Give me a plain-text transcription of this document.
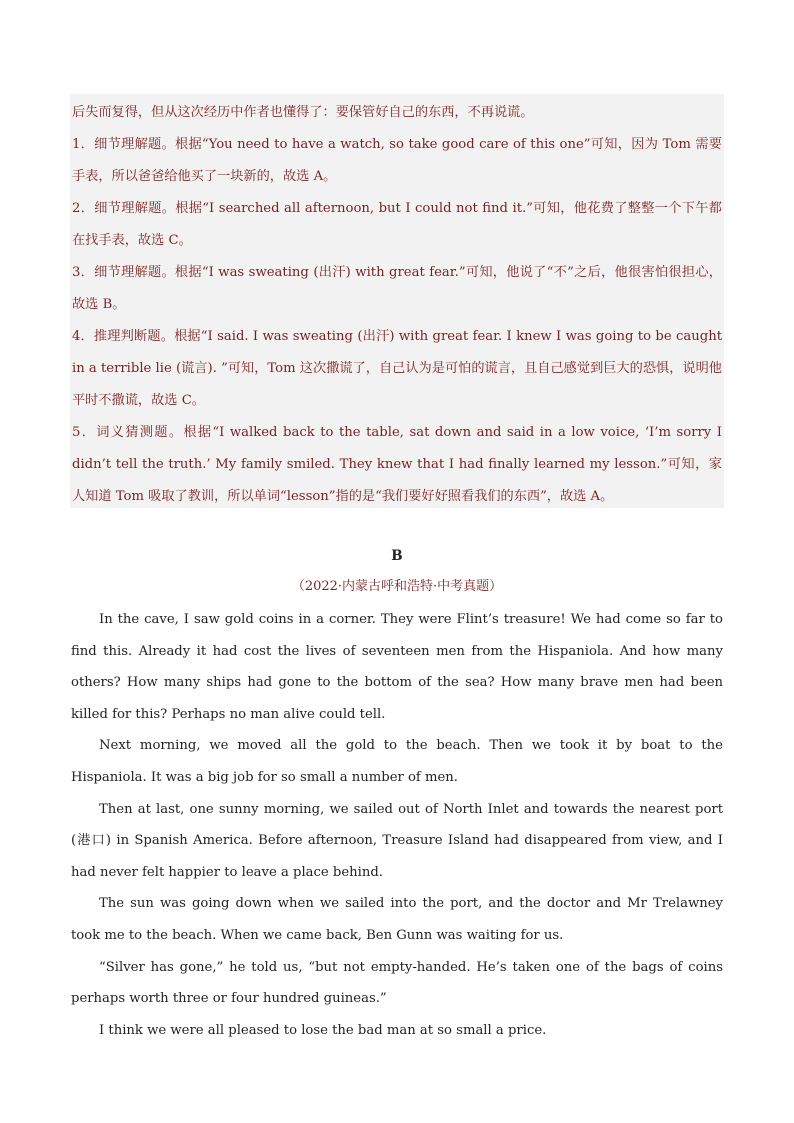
后失而复得，但从这次经历中作者也懂得了：要保管好自己的东西，不再说谎。

1．细节理解题。根据“You need to have a watch, so take good care of this one”可知，因为 Tom 需要手表，所以爸爸给他买了一块新的，故选 A。

2．细节理解题。根据“I searched all afternoon, but I could not find it.”可知，他花费了整整一个下午都在找手表，故选 C。

3．细节理解题。根据“I was sweating (出汗) with great fear.”可知，他说了“不”之后，他很害怕很担心，故选 B。

4．推理判断题。根据“I said. I was sweating (出汗) with great fear. I knew I was going to be caught in a terrible lie (谎言). ”可知，Tom 这次撒谎了，自己认为是可怕的谎言，且自己感觉到巨大的恐惧，说明他平时不撒谎，故选 C。

5．词义猜测题。根据“I walked back to the table, sat down and said in a low voice, ‘I’m sorry I didn’t tell the truth.’ My family smiled. They knew that I had finally learned my lesson.”可知，家人知道 Tom 吸取了教训，所以单词“lesson”指的是“我们要好好照看我们的东西”，故选 A。

B
（2022·内蒙古呼和浩特·中考真题）

In the cave, I saw gold coins in a corner. They were Flint’s treasure! We had come so far to find this. Already it had cost the lives of seventeen men from the Hispaniola. And how many others? How many ships had gone to the bottom of the sea? How many brave men had been killed for this? Perhaps no man alive could tell.

Next morning, we moved all the gold to the beach. Then we took it by boat to the Hispaniola. It was a big job for so small a number of men.

Then at last, one sunny morning, we sailed out of North Inlet and towards the nearest port (港口) in Spanish America. Before afternoon, Treasure Island had disappeared from view, and I had never felt happier to leave a place behind.

The sun was going down when we sailed into the port, and the doctor and Mr Trelawney took me to the beach. When we came back, Ben Gunn was waiting for us.

“Silver has gone,” he told us, “but not empty-handed. He’s taken one of the bags of coins perhaps worth three or four hundred guineas.”

I think we were all pleased to lose the bad man at so small a price.
